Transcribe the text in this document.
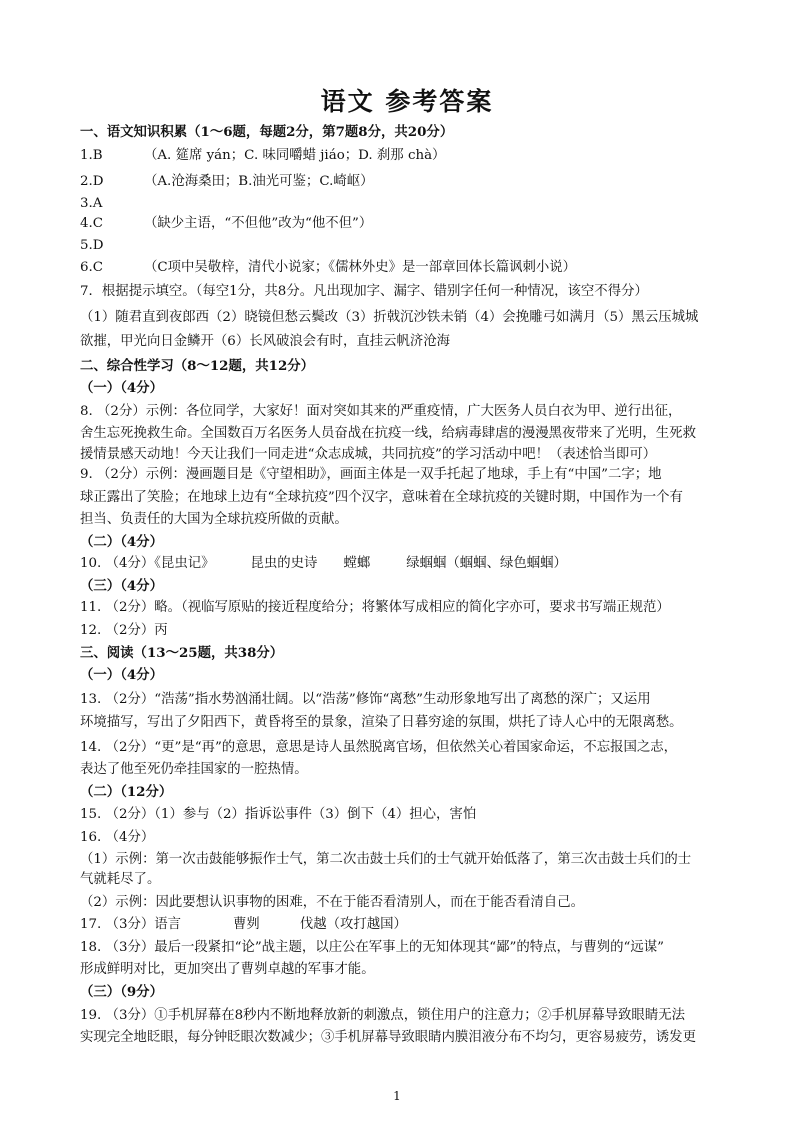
语文 参考答案
一、语文知识积累（1～6题，每题2分，第7题8分，共20分）
1.B	（A. 筵席 yán；C. 味同嚼蜡 jiáo；D. 刹那 chà）
2.D	（A.沧海桑田；B.油光可鉴；C.崎岖）
3.A
4.C	（缺少主语，“不但他”改为“他不但”）
5.D
6.C	（C项中吴敬梓，清代小说家；《儒林外史》是一部章回体长篇讽刺小说）
7．根据提示填空。（每空1分，共8分。凡出现加字、漏字、错别字任何一种情况，该空不得分）
（1）随君直到夜郎西（2）晓镜但愁云鬓改（3）折戟沉沙铁未销（4）会挽雕弓如满月（5）黑云压城城
欲摧，甲光向日金鳞开（6）长风破浪会有时，直挂云帆济沧海
二、综合性学习（8～12题，共12分）
（一）（4分）
8. （2分）示例：各位同学，大家好！面对突如其来的严重疫情，广大医务人员白衣为甲、逆行出征，
舍生忘死挽救生命。全国数百万名医务人员奋战在抗疫一线，给病毒肆虐的漫漫黑夜带来了光明，生死救
援情景感天动地！今天让我们一同走进“众志成城，共同抗疫”的学习活动中吧！（表述恰当即可）
9. （2分）示例：漫画题目是《守望相助》，画面主体是一双手托起了地球，手上有“中国”二字；地
球正露出了笑脸；在地球上边有“全球抗疫”四个汉字，意味着在全球抗疫的关键时期，中国作为一个有
担当、负责任的大国为全球抗疫所做的贡献。
（二）（4分）
10. （4分）《昆虫记》	昆虫的史诗 螳螂	绿蝈蝈（蝈蝈、绿色蝈蝈）
（三）（4分）
11. （2分）略。（视临写原贴的接近程度给分；将繁体写成相应的简化字亦可，要求书写端正规范）
12. （2分）丙
三、阅读（13～25题，共38分）
（一）（4分）
13. （2分）“浩荡”指水势汹涌壮阔。以“浩荡”修饰“离愁”生动形象地写出了离愁的深广；又运用
环境描写，写出了夕阳西下，黄昏将至的景象，渲染了日暮穷途的氛围，烘托了诗人心中的无限离愁。
14. （2分）“更”是“再”的意思，意思是诗人虽然脱离官场，但依然关心着国家命运，不忘报国之志，
表达了他至死仍牵挂国家的一腔热情。
（二）（12分）
15. （2分）（1）参与（2）指诉讼事件（3）倒下（4）担心，害怕
16. （4分）
（1）示例：第一次击鼓能够振作士气，第二次击鼓士兵们的士气就开始低落了，第三次击鼓士兵们的士
气就耗尽了。
（2）示例：因此要想认识事物的困难，不在于能否看清别人，而在于能否看清自己。
17. （3分）语言	曹刿	伐越（攻打越国）
18. （3分）最后一段紧扣“论”战主题，以庄公在军事上的无知体现其“鄙”的特点，与曹刿的“远谋”
形成鲜明对比，更加突出了曹刿卓越的军事才能。
（三）（9分）
19. （3分）①手机屏幕在8秒内不断地释放新的刺激点，锁住用户的注意力；②手机屏幕导致眼睛无法
实现完全地眨眼，每分钟眨眼次数减少；③手机屏幕导致眼睛内膜泪液分布不均匀，更容易疲劳，诱发更
1
